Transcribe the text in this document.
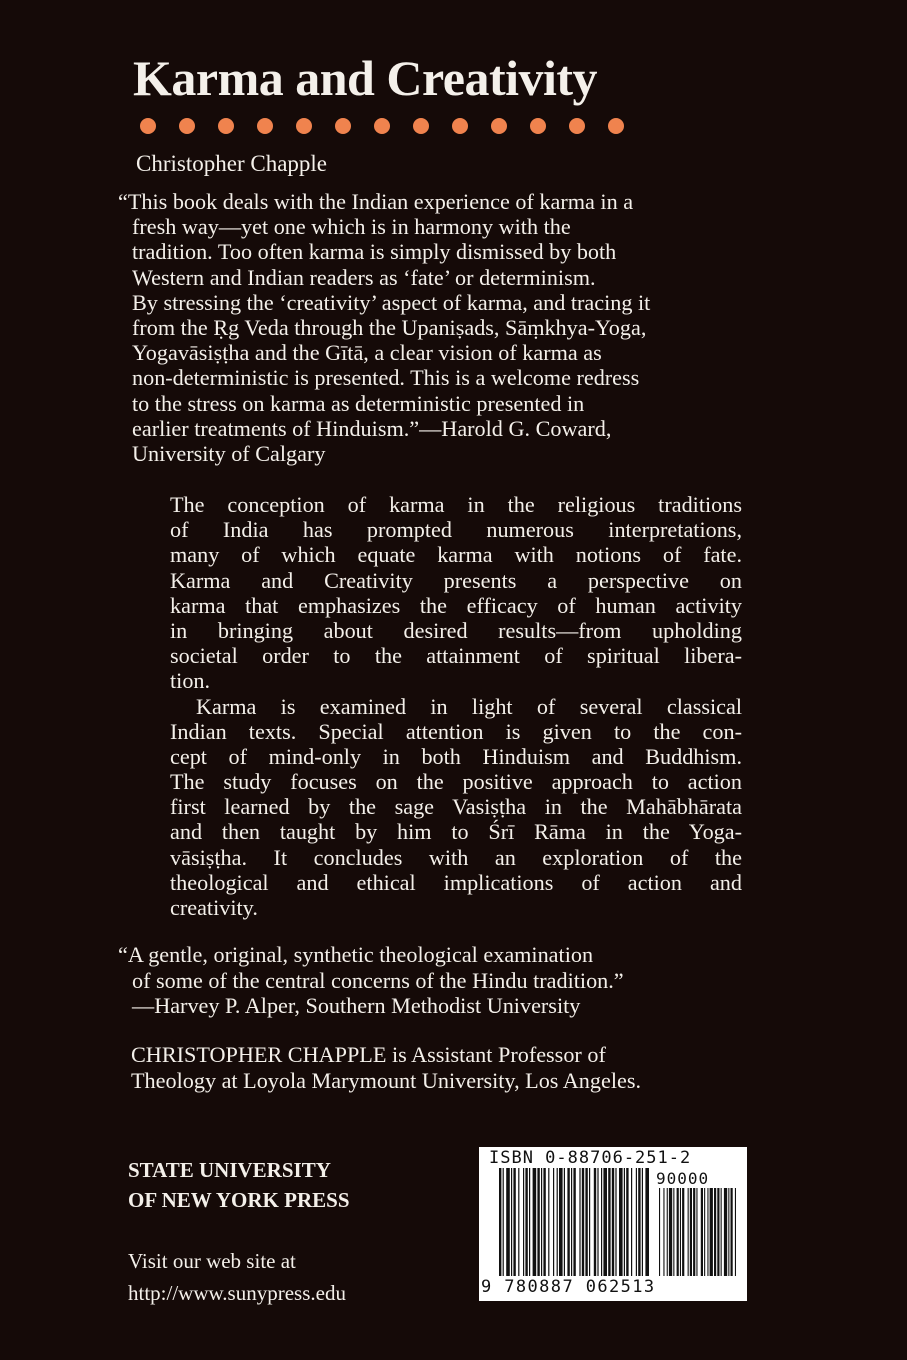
Karma and Creativity
Christopher Chapple
“This book deals with the Indian experience of karma in a
fresh way—yet one which is in harmony with the
tradition. Too often karma is simply dismissed by both
Western and Indian readers as ‘fate’ or determinism.
By stressing the ‘creativity’ aspect of karma, and tracing it
from the Ṛg Veda through the Upaniṣads, Sāṃkhya-Yoga,
Yogavāsiṣṭha and the Gītā, a clear vision of karma as
non-deterministic is presented. This is a welcome redress
to the stress on karma as deterministic presented in
earlier treatments of Hinduism.”—Harold G. Coward,
University of Calgary
The conception of karma in the religious traditions
of India has prompted numerous interpretations,
many of which equate karma with notions of fate.
Karma and Creativity presents a perspective on
karma that emphasizes the efficacy of human activity
in bringing about desired results—from upholding
societal order to the attainment of spiritual libera-
tion.
Karma is examined in light of several classical
Indian texts. Special attention is given to the con-
cept of mind-only in both Hinduism and Buddhism.
The study focuses on the positive approach to action
first learned by the sage Vasiṣṭha in the Mahābhārata
and then taught by him to Śrī Rāma in the Yoga-
vāsiṣṭha. It concludes with an exploration of the
theological and ethical implications of action and
creativity.
“A gentle, original, synthetic theological examination
of some of the central concerns of the Hindu tradition.”
—Harvey P. Alper, Southern Methodist University
CHRISTOPHER CHAPPLE is Assistant Professor of
Theology at Loyola Marymount University, Los Angeles.
STATE UNIVERSITY
OF NEW YORK PRESS
Visit our web site at
http://www.sunypress.edu
ISBN 0-88706-251-2
90000
9 780887 062513
